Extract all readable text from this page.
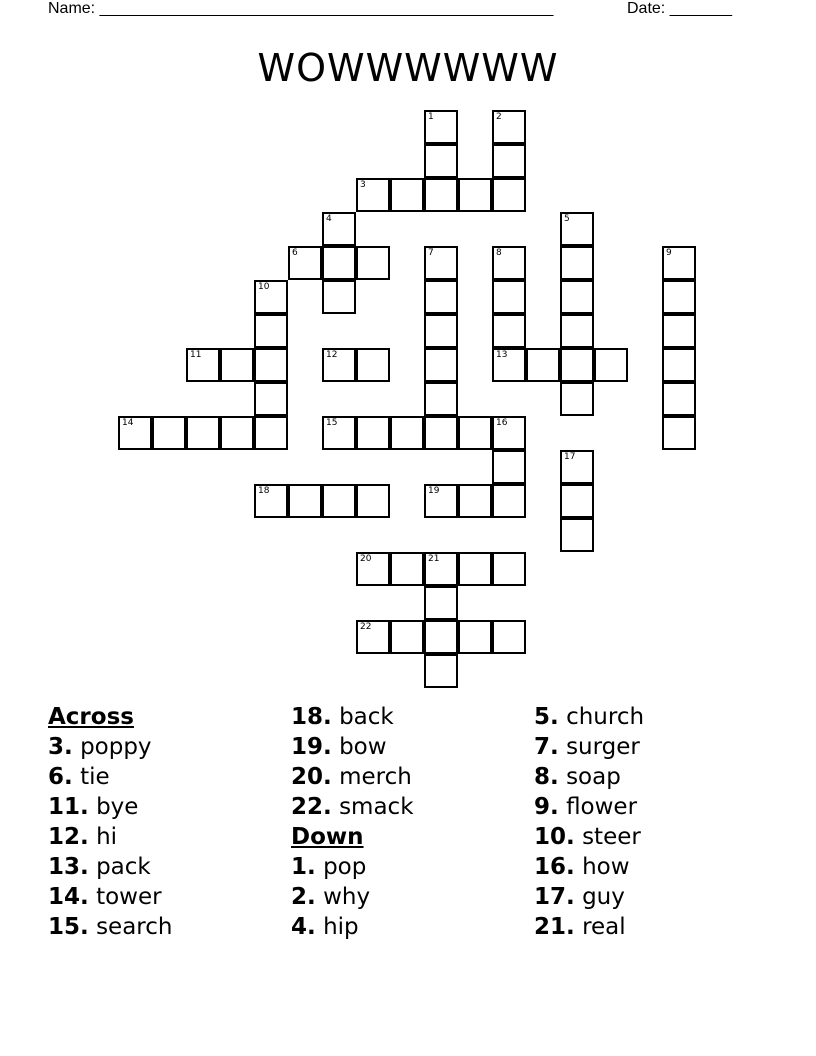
Name: ___________________________________________________	Date: _______
WOWWWWWW
1	2
3
4	5
6	7	8
13
9
10
11	12
14	15	16
17
18	19
20	21
22
Across
3. poppy
6. tie
11. bye
12. hi
13. pack
14. tower
15. search
18. back
19. bow
20. merch
22. smack
Down
1. pop
2. why
4. hip
5. church
7. surger
8. soap
9. flower
10. steer
16. how
17. guy
21. real
